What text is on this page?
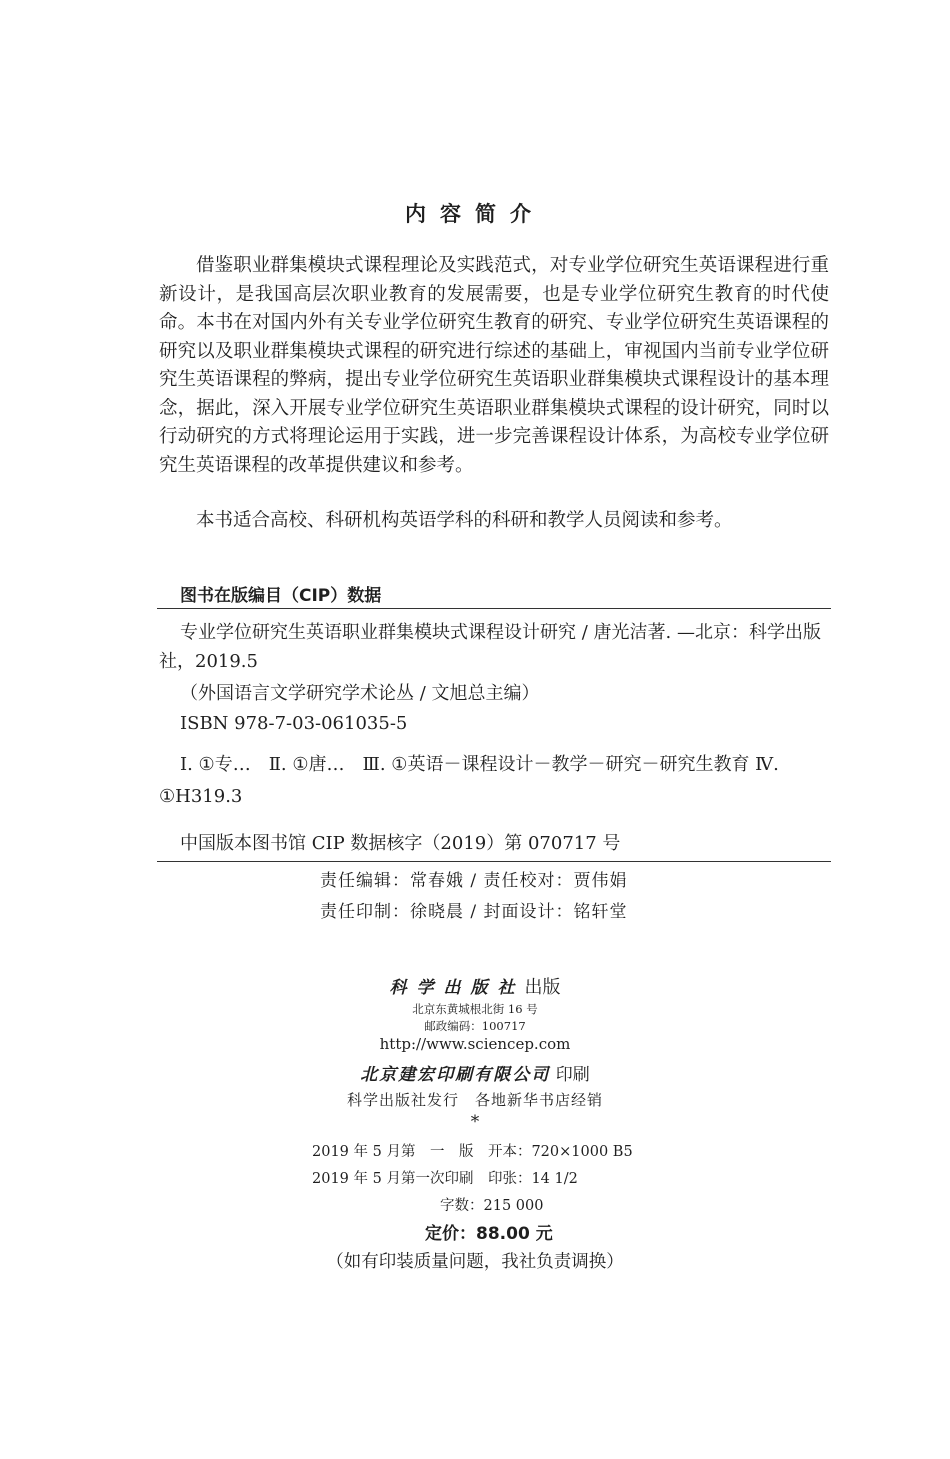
内容简介

借鉴职业群集模块式课程理论及实践范式，对专业学位研究生英语课程进行重新设计，是我国高层次职业教育的发展需要，也是专业学位研究生教育的时代使命。本书在对国内外有关专业学位研究生教育的研究、专业学位研究生英语课程的研究以及职业群集模块式课程的研究进行综述的基础上，审视国内当前专业学位研究生英语课程的弊病，提出专业学位研究生英语职业群集模块式课程设计的基本理念，据此，深入开展专业学位研究生英语职业群集模块式课程的设计研究，同时以行动研究的方式将理论运用于实践，进一步完善课程设计体系，为高校专业学位研究生英语课程的改革提供建议和参考。

本书适合高校、科研机构英语学科的科研和教学人员阅读和参考。

图书在版编目（CIP）数据

专业学位研究生英语职业群集模块式课程设计研究 / 唐光洁著. —北京：科学出版社，2019.5

（外国语言文学研究学术论丛 / 文旭总主编）

ISBN 978-7-03-061035-5

Ⅰ. ①专…　Ⅱ. ①唐…　Ⅲ. ①英语－课程设计－教学－研究－研究生教育 Ⅳ. ①H319.3

中国版本图书馆 CIP 数据核字（2019）第 070717 号

责任编辑：常春娥 / 责任校对：贾伟娟

责任印制：徐晓晨 / 封面设计：铭轩堂

科学出版社出版

北京东黄城根北街 16 号

邮政编码：100717

http://www.sciencep.com

北京建宏印刷有限公司 印刷

科学出版社发行　各地新华书店经销

*

2019 年 5 月第　一　版　开本：720×1000 B5

2019 年 5 月第一次印刷　印张：14 1/2

字数：215 000

定价：88.00 元

（如有印装质量问题，我社负责调换）
